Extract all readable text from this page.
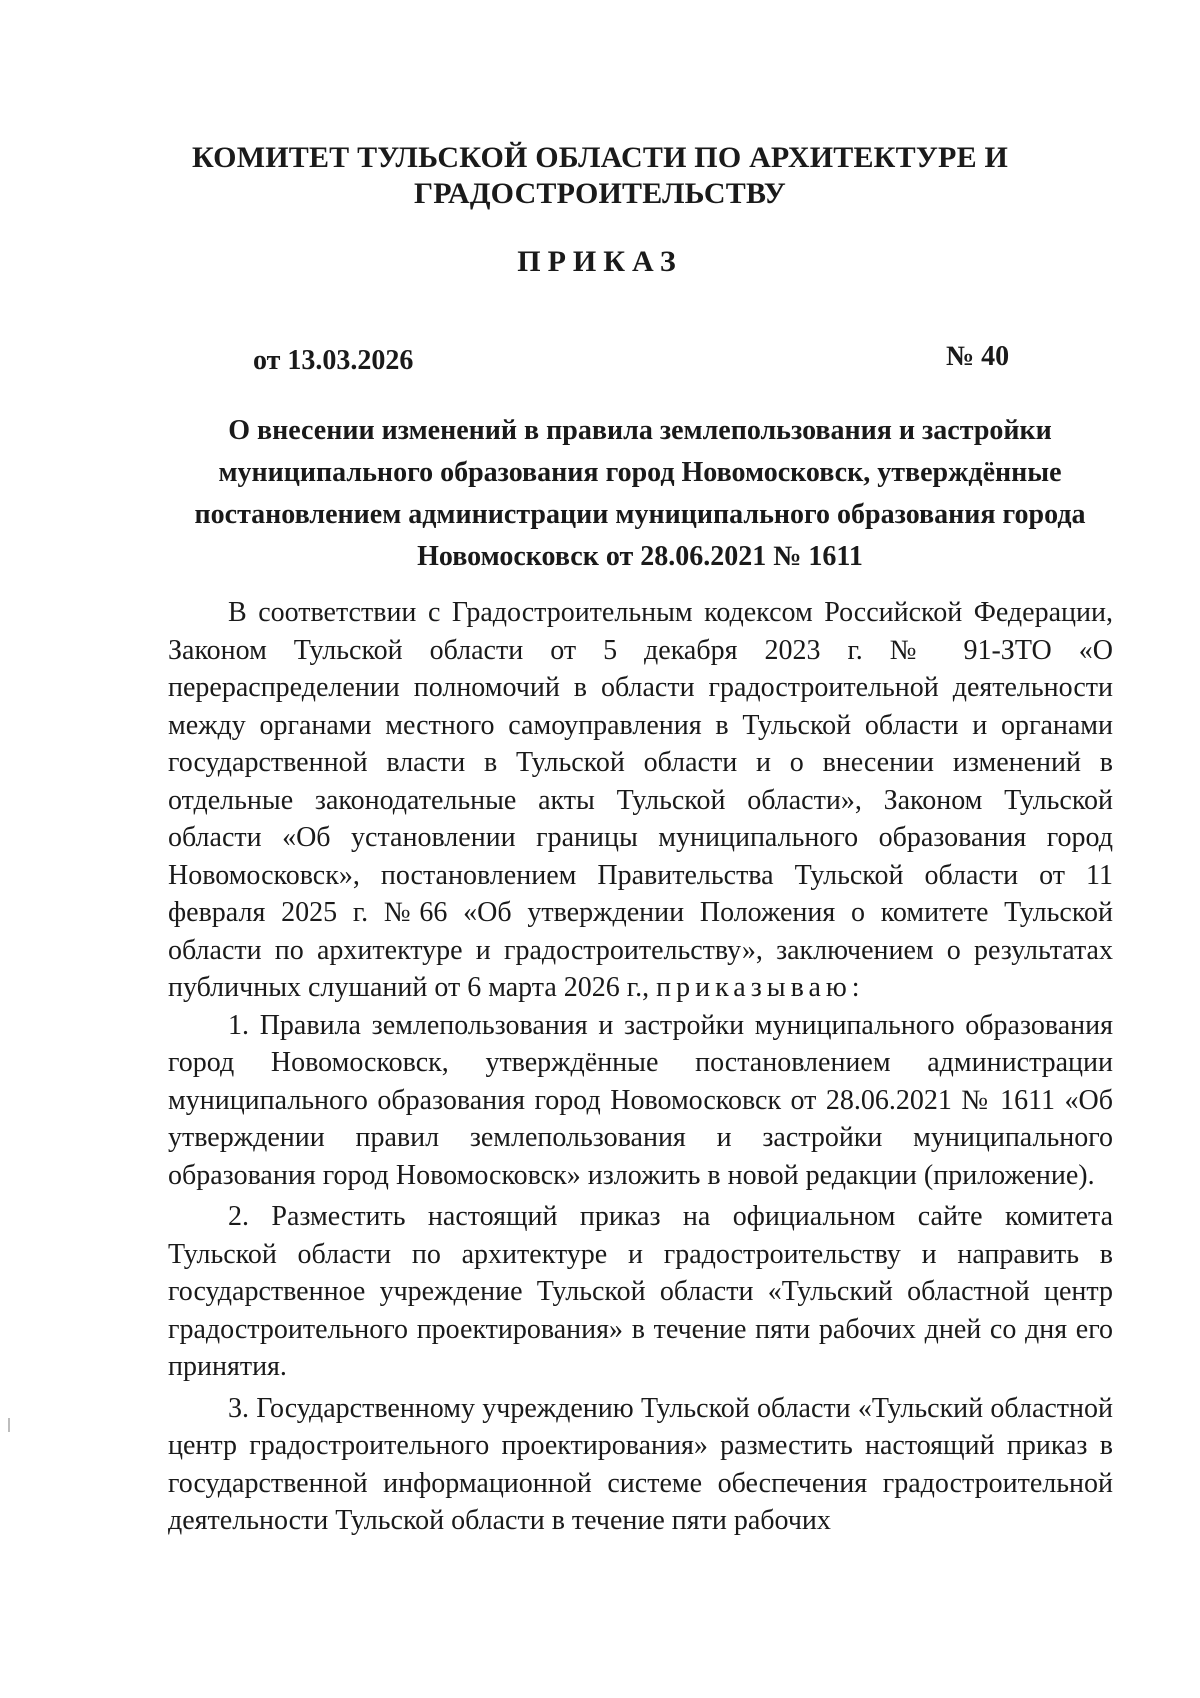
КОМИТЕТ ТУЛЬСКОЙ ОБЛАСТИ ПО АРХИТЕКТУРЕ И
ГРАДОСТРОИТЕЛЬСТВУ
ПРИКАЗ
от 13.03.2026	№ 40
О внесении изменений в правила землепользования и застройки
муниципального образования город Новомосковск, утверждённые
постановлением администрации муниципального образования города
Новомосковск от 28.06.2021 № 1611

В соответствии с Градостроительным кодексом Российской Федерации, Законом Тульской области от 5 декабря 2023 г. № 91-ЗТО «О перераспределении полномочий в области градостроительной деятельности между органами местного самоуправления в Тульской области и органами государственной власти в Тульской области и о внесении изменений в отдельные законодательные акты Тульской области», Законом Тульской области «Об установлении границы муниципального образования город Новомосковск», постановлением Правительства Тульской области от 11 февраля 2025 г. №66 «Об утверждении Положения о комитете Тульской области по архитектуре и градостроительству», заключением о результатах публичных слушаний от 6 марта 2026 г., приказываю:

1. Правила землепользования и застройки муниципального образования город Новомосковск, утверждённые постановлением администрации муниципального образования город Новомосковск от 28.06.2021 № 1611 «Об утверждении правил землепользования и застройки муниципального образования город Новомосковск» изложить в новой редакции (приложение).

2. Разместить настоящий приказ на официальном сайте комитета Тульской области по архитектуре и градостроительству и направить в государственное учреждение Тульской области «Тульский областной центр градостроительного проектирования» в течение пяти рабочих дней со дня его принятия.

3. Государственному учреждению Тульской области «Тульский областной центр градостроительного проектирования» разместить настоящий приказ в государственной информационной системе обеспечения градостроительной деятельности Тульской области в течение пяти рабочих
